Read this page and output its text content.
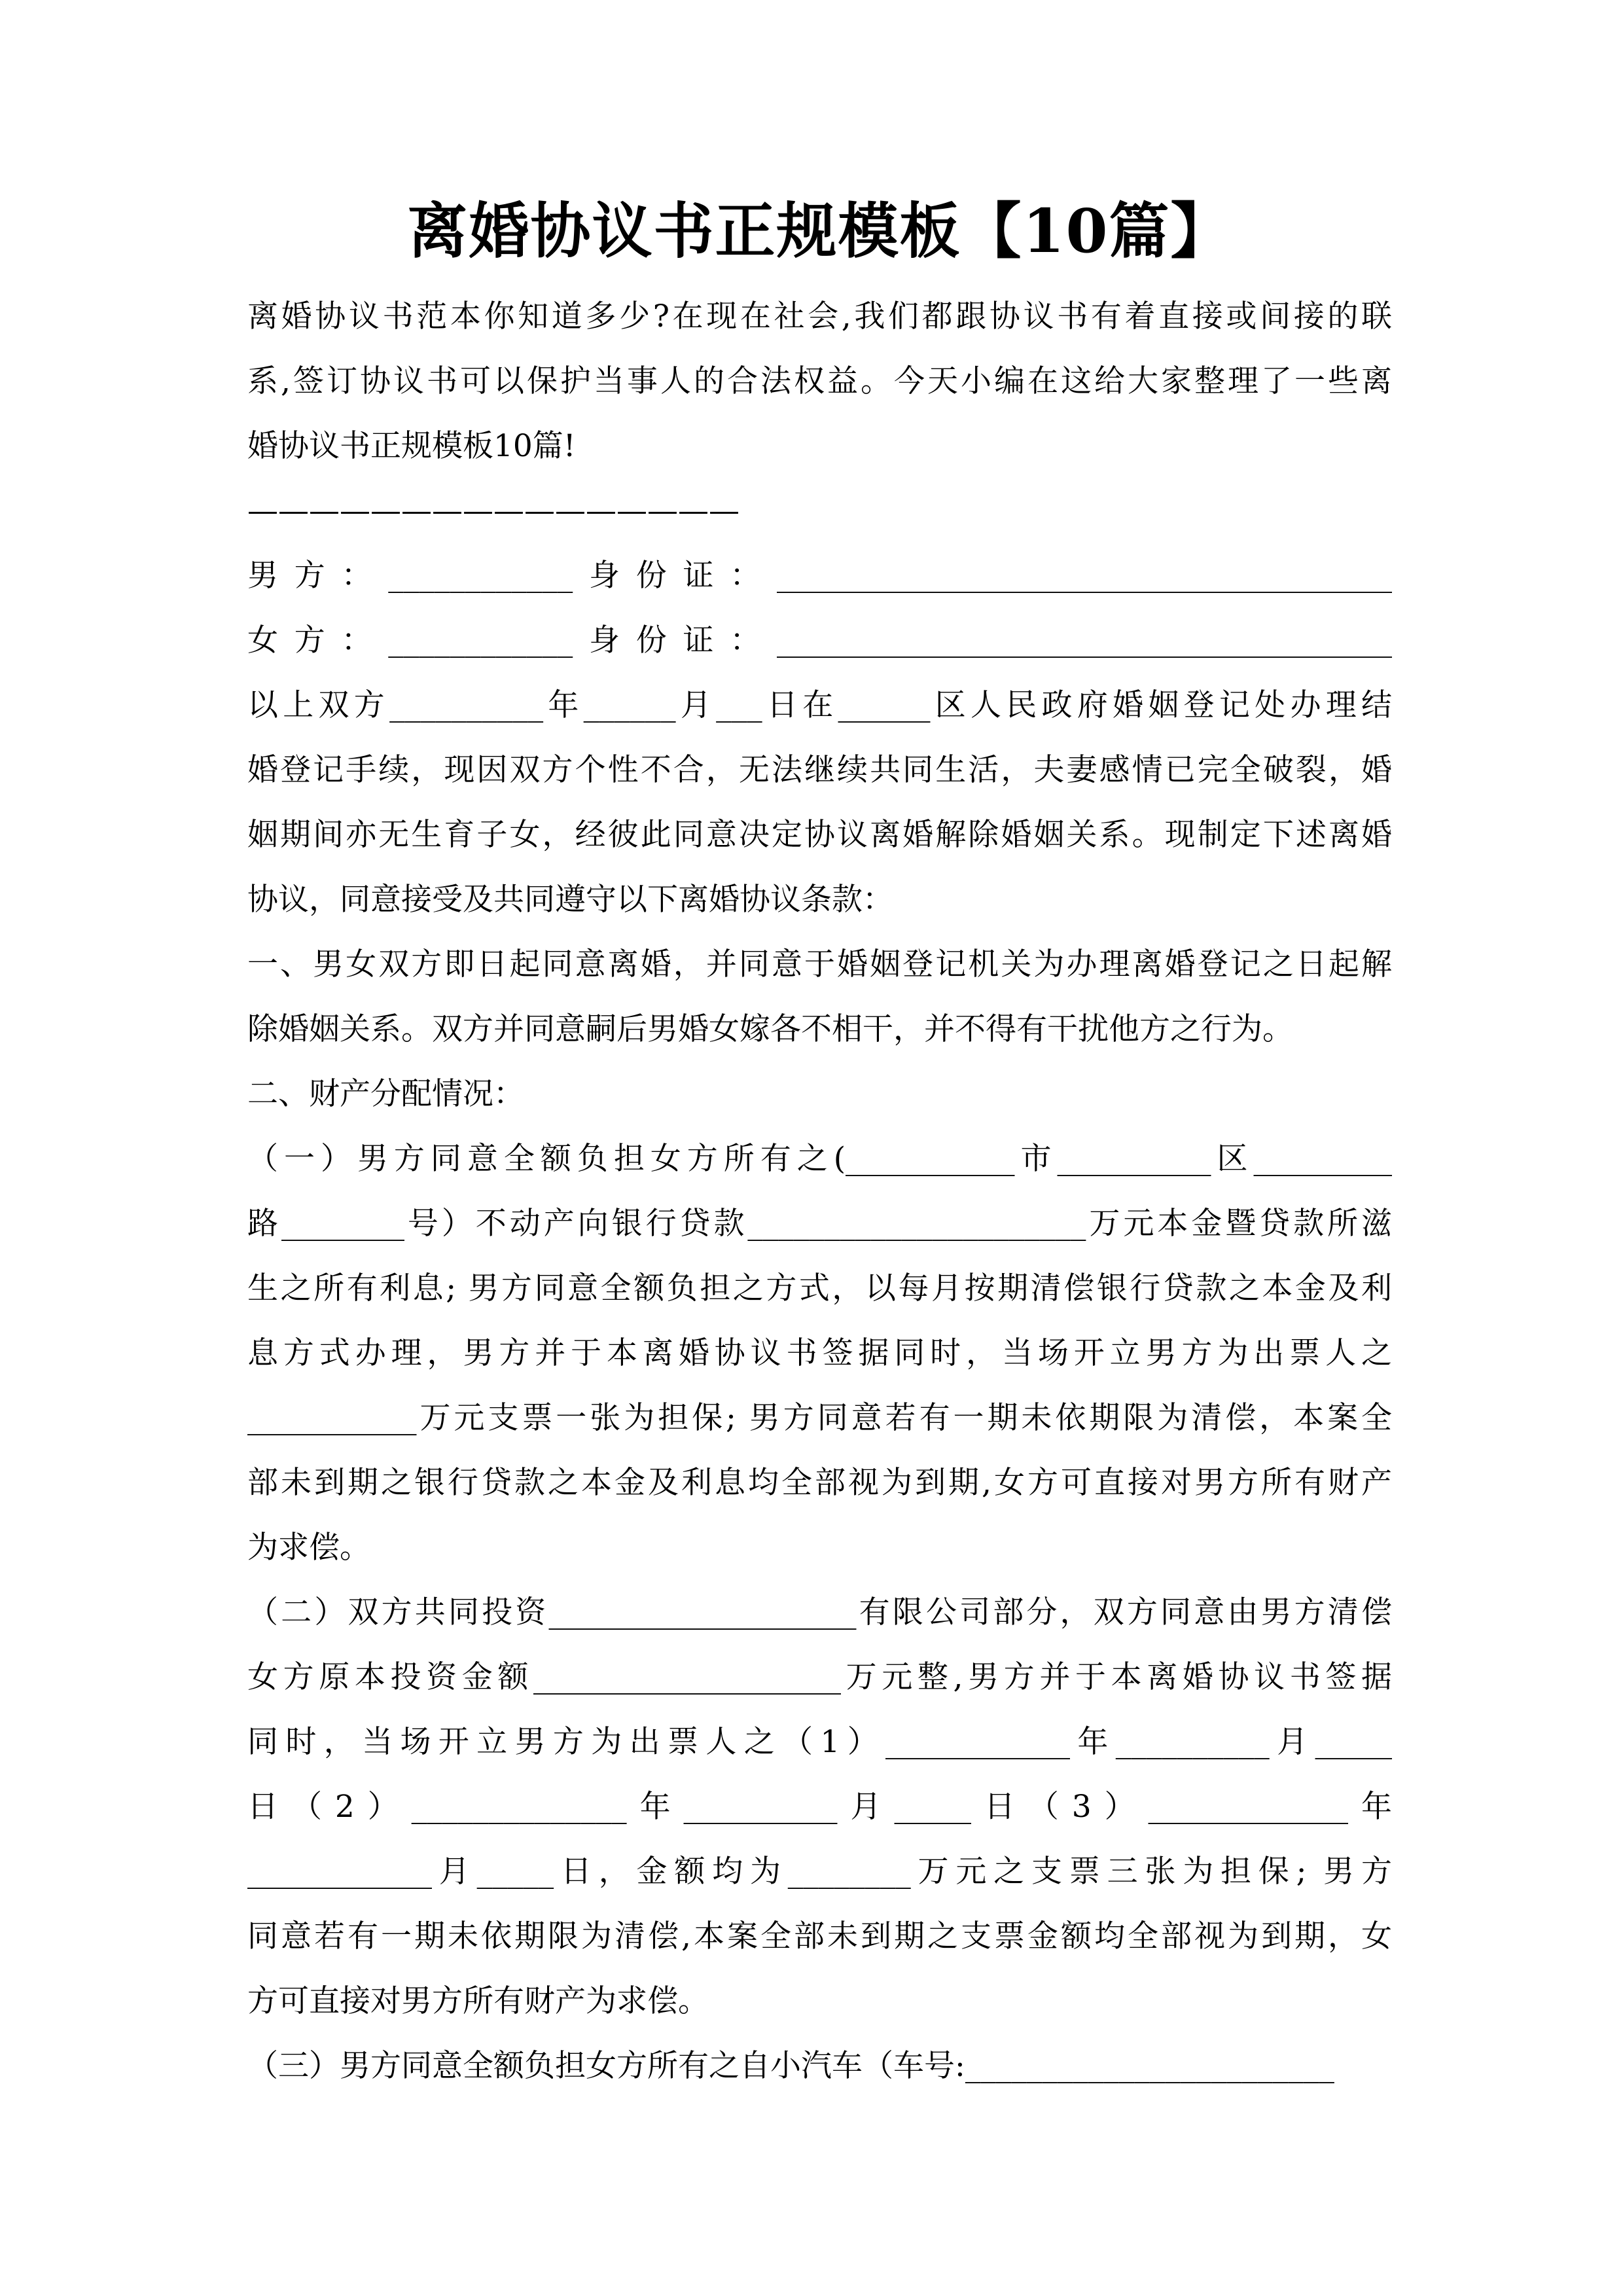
离婚协议书正规模板【10篇】
离婚协议书范本你知道多少?在现在社会,我们都跟协议书有着直接或间接的联
系,签订协议书可以保护当事人的合法权益。今天小编在这给大家整理了一些离
婚协议书正规模板10篇!
————————————————
男方：____________身份证：________________________________________
女方：____________身份证：________________________________________
以上双方__________年______月___日在______区人民政府婚姻登记处办理结
婚登记手续，现因双方个性不合，无法继续共同生活，夫妻感情已完全破裂，婚
姻期间亦无生育子女，经彼此同意决定协议离婚解除婚姻关系。现制定下述离婚
协议，同意接受及共同遵守以下离婚协议条款：
一、男女双方即日起同意离婚，并同意于婚姻登记机关为办理离婚登记之日起解
除婚姻关系。双方并同意嗣后男婚女嫁各不相干，并不得有干扰他方之行为。
二、财产分配情况：
（一）男方同意全额负担女方所有之(___________市__________区_________
路________号）不动产向银行贷款______________________万元本金暨贷款所滋
生之所有利息; 男方同意全额负担之方式，以每月按期清偿银行贷款之本金及利
息方式办理，男方并于本离婚协议书签据同时，当场开立男方为出票人之
___________万元支票一张为担保; 男方同意若有一期未依期限为清偿，本案全
部未到期之银行贷款之本金及利息均全部视为到期,女方可直接对男方所有财产
为求偿。
（二）双方共同投资____________________有限公司部分，双方同意由男方清偿
女方原本投资金额____________________万元整,男方并于本离婚协议书签据
同时，当场开立男方为出票人之（1）____________年__________月_____
日（2）______________年__________月_____日（3）_____________年
____________月_____日，金额均为________万元之支票三张为担保; 男方
同意若有一期未依期限为清偿,本案全部未到期之支票金额均全部视为到期，女
方可直接对男方所有财产为求偿。
（三）男方同意全额负担女方所有之自小汽车（车号:________________________
